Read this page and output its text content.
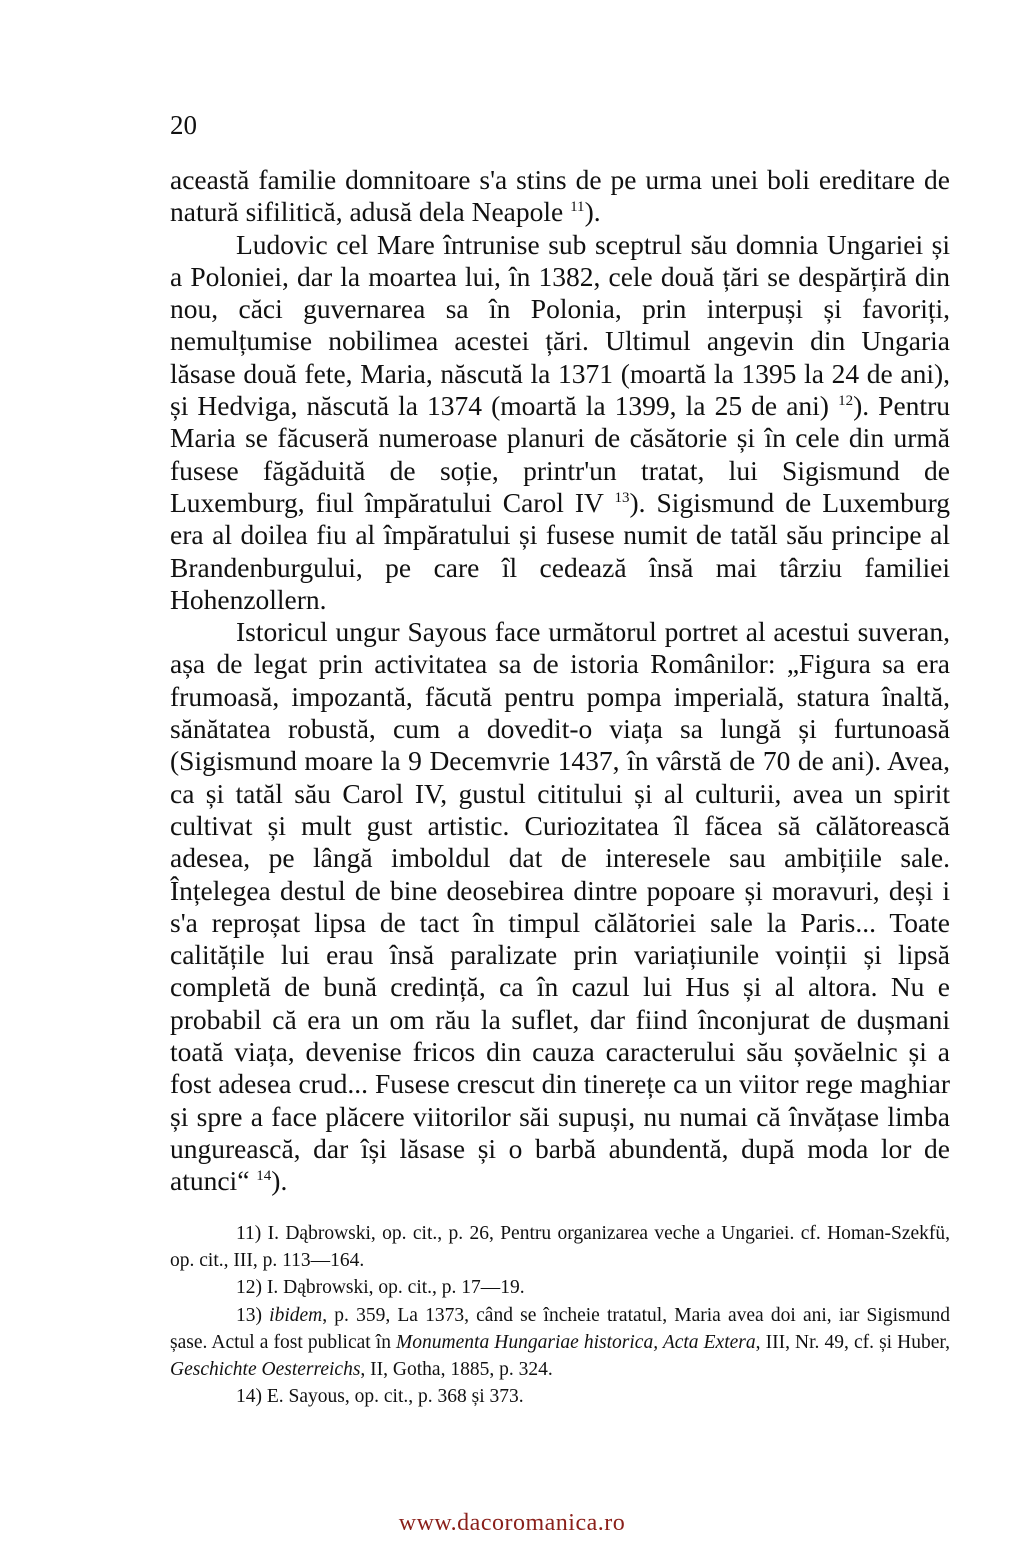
20

această familie domnitoare s'a stins de pe urma unei boli ereditare de natură sifilitică, adusă dela Neapole $^{11}$).

Ludovic cel Mare întrunise sub sceptrul său domnia Ungariei și a Poloniei, dar la moartea lui, în 1382, cele două țări se despărțiră din nou, căci guvernarea sa în Polonia, prin interpuși și favoriți, nemulțumise nobilimea acestei țări. Ultimul angevin din Ungaria lăsase două fete, Maria, născută la 1371 (moartă la 1395 la 24 de ani), și Hedviga, născută la 1374 (moartă la 1399, la 25 de ani) $^{12}$). Pentru Maria se făcuseră numeroase planuri de căsătorie și în cele din urmă fusese făgăduită de soție, printr'un tratat, lui Sigismund de Luxemburg, fiul împăratului Carol IV $^{13}$). Sigismund de Luxemburg era al doilea fiu al împăratului și fusese numit de tatăl său principe al Brandenburgului, pe care îl cedează însă mai târziu familiei Hohenzollern.

Istoricul ungur Sayous face următorul portret al acestui suveran, așa de legat prin activitatea sa de istoria Românilor: „Figura sa era frumoasă, impozantă, făcută pentru pompa imperială, statura înaltă, sănătatea robustă, cum a dovedit-o viața sa lungă și furtunoasă (Sigismund moare la 9 Decemvrie 1437, în vârstă de 70 de ani). Avea, ca și tatăl său Carol IV, gustul cititului și al culturii, avea un spirit cultivat și mult gust artistic. Curiozitatea îl făcea să călătorească adesea, pe lângă imboldul dat de interesele sau ambițiile sale. Înțelegea destul de bine deosebirea dintre popoare și moravuri, deși i s'a reproșat lipsa de tact în timpul călătoriei sale la Paris... Toate calitățile lui erau însă paralizate prin variațiunile voinții și lipsă completă de bună credință, ca în cazul lui Hus și al altora. Nu e probabil că era un om rău la suflet, dar fiind înconjurat de dușmani toată viața, devenise fricos din cauza caracterului său șovăelnic și a fost adesea crud... Fusese crescut din tinerețe ca un viitor rege maghiar și spre a face plăcere viitorilor săi supuși, nu numai că învățase limba ungurească, dar își lăsase și o barbă abundentă, după moda lor de atunci“ $^{14}$).

11) I. Dąbrowski, op. cit., p. 26, Pentru organizarea veche a Ungariei. cf. Homan-Szekfü, op. cit., III, p. 113—164.

12) I. Dąbrowski, op. cit., p. 17—19.

13) ibidem, p. 359, La 1373, când se încheie tratatul, Maria avea doi ani, iar Sigismund șase. Actul a fost publicat în Monumenta Hungariae historica, Acta Extera, III, Nr. 49, cf. și Huber, Geschichte Oesterreichs, II, Gotha, 1885, p. 324.

14) E. Sayous, op. cit., p. 368 și 373.

www.dacoromanica.ro
